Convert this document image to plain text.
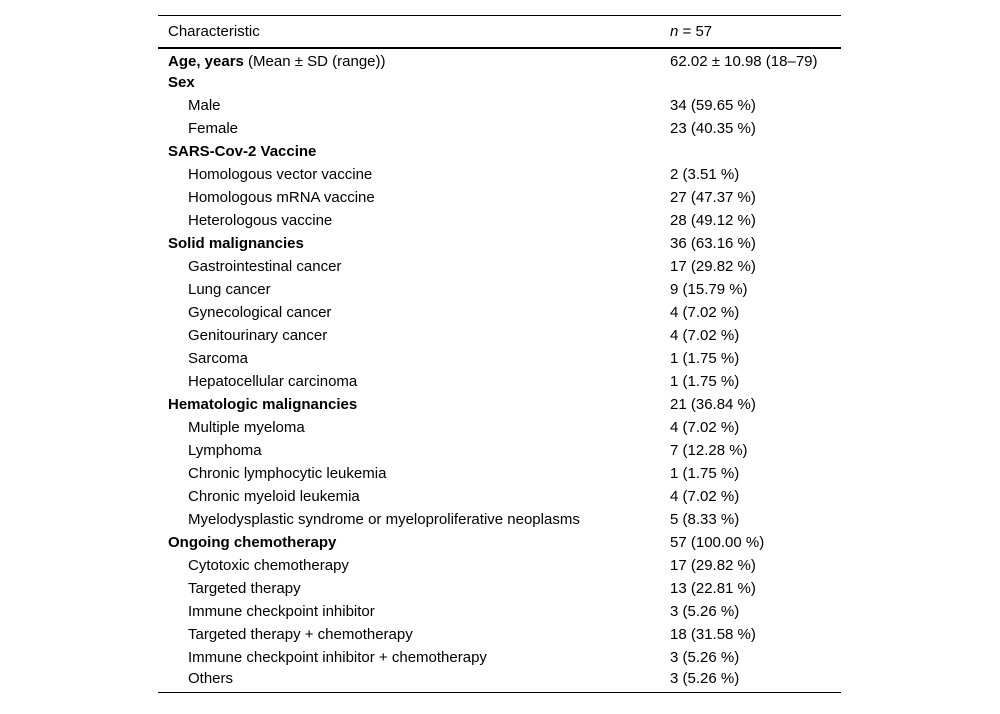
Characteristic	n = 57
Age, years (Mean ± SD (range))	62.02 ± 10.98 (18–79)
Sex	
Male	34 (59.65 %)
Female	23 (40.35 %)
SARS-Cov-2 Vaccine	
Homologous vector vaccine	2 (3.51 %)
Homologous mRNA vaccine	27 (47.37 %)
Heterologous vaccine	28 (49.12 %)
Solid malignancies	36 (63.16 %)
Gastrointestinal cancer	17 (29.82 %)
Lung cancer	9 (15.79 %)
Gynecological cancer	4 (7.02 %)
Genitourinary cancer	4 (7.02 %)
Sarcoma	1 (1.75 %)
Hepatocellular carcinoma	1 (1.75 %)
Hematologic malignancies	21 (36.84 %)
Multiple myeloma	4 (7.02 %)
Lymphoma	7 (12.28 %)
Chronic lymphocytic leukemia	1 (1.75 %)
Chronic myeloid leukemia	4 (7.02 %)
Myelodysplastic syndrome or myeloproliferative neoplasms	5 (8.33 %)
Ongoing chemotherapy	57 (100.00 %)
Cytotoxic chemotherapy	17 (29.82 %)
Targeted therapy	13 (22.81 %)
Immune checkpoint inhibitor	3 (5.26 %)
Targeted therapy + chemotherapy	18 (31.58 %)
Immune checkpoint inhibitor + chemotherapy	3 (5.26 %)
Others	3 (5.26 %)
